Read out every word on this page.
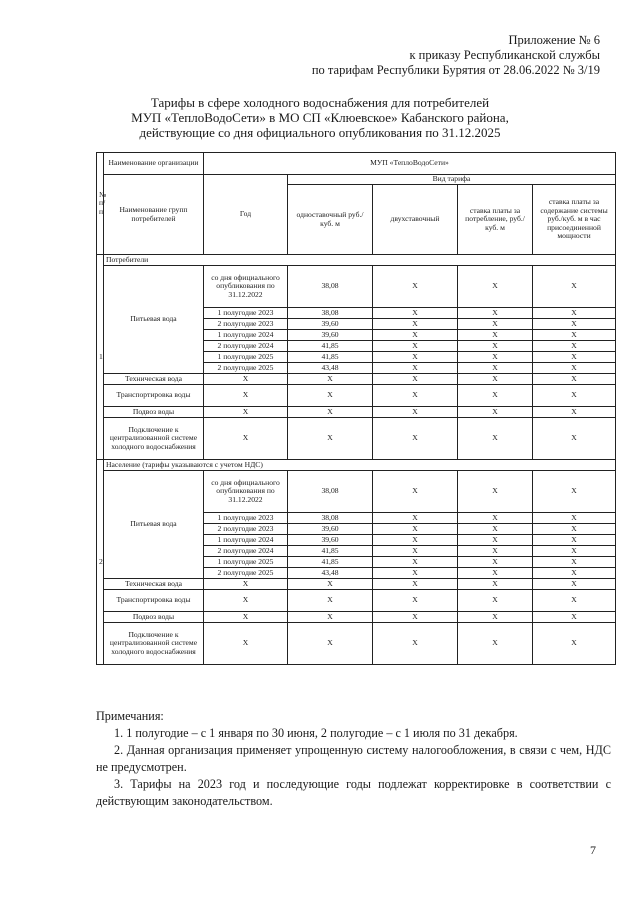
Приложение № 6
к приказу Республиканской службы
по тарифам Республики Бурятия от 28.06.2022 № 3/19
Тарифы в сфере холодного водоснабжения для потребителей
МУП «ТеплоВодоСети» в МО СП «Клюевское» Кабанского района,
действующие со дня официального опубликования по 31.12.2025
№ п/п	Наименование организации	МУП «ТеплоВодоСети»				
	Наименование групп потребителей	Год	Вид тарифа			
			одноставочный руб./ куб. м	двухставочный	ставка платы за потребление, руб./ куб. м	ставка платы за содержание системы руб./куб. м в час присоединенной мощности
1	Потребители					
	Питьевая вода	со дня официального опубликования по 31.12.2022	38,08	X	X	X
		1 полугодие 2023	38,08	X	X	X
		2 полугодие 2023	39,60	X	X	X
		1 полугодие 2024	39,60	X	X	X
		2 полугодие 2024	41,85	X	X	X
		1 полугодие 2025	41,85	X	X	X
		2 полугодие 2025	43,48	X	X	X
	Техническая вода	X	X	X	X	X
	Транспортировка воды	X	X	X	X	X
	Подвоз воды	X	X	X	X	X
	Подключение к централизованной системе холодного водоснабжения	X	X	X	X	X
2	Население (тарифы указываются с учетом НДС)					
	Питьевая вода	со дня официального опубликования по 31.12.2022	38,08	X	X	X
		1 полугодие 2023	38,08	X	X	X
		2 полугодие 2023	39,60	X	X	X
		1 полугодие 2024	39,60	X	X	X
		2 полугодие 2024	41,85	X	X	X
		1 полугодие 2025	41,85	X	X	X
		2 полугодие 2025	43,48	X	X	X
	Техническая вода	X	X	X	X	X
	Транспортировка воды	X	X	X	X	X
	Подвоз воды	X	X	X	X	X
	Подключение к централизованной системе холодного водоснабжения	X	X	X	X	X

Примечания:

1. 1 полугодие – с 1 января по 30 июня, 2 полугодие – с 1 июля по 31 декабря.

2. Данная организация применяет упрощенную систему налогообложения, в связи с чем, НДС не предусмотрен.

3. Тарифы на 2023 год и последующие годы подлежат корректировке в соответствии с действующим законодательством.

7
